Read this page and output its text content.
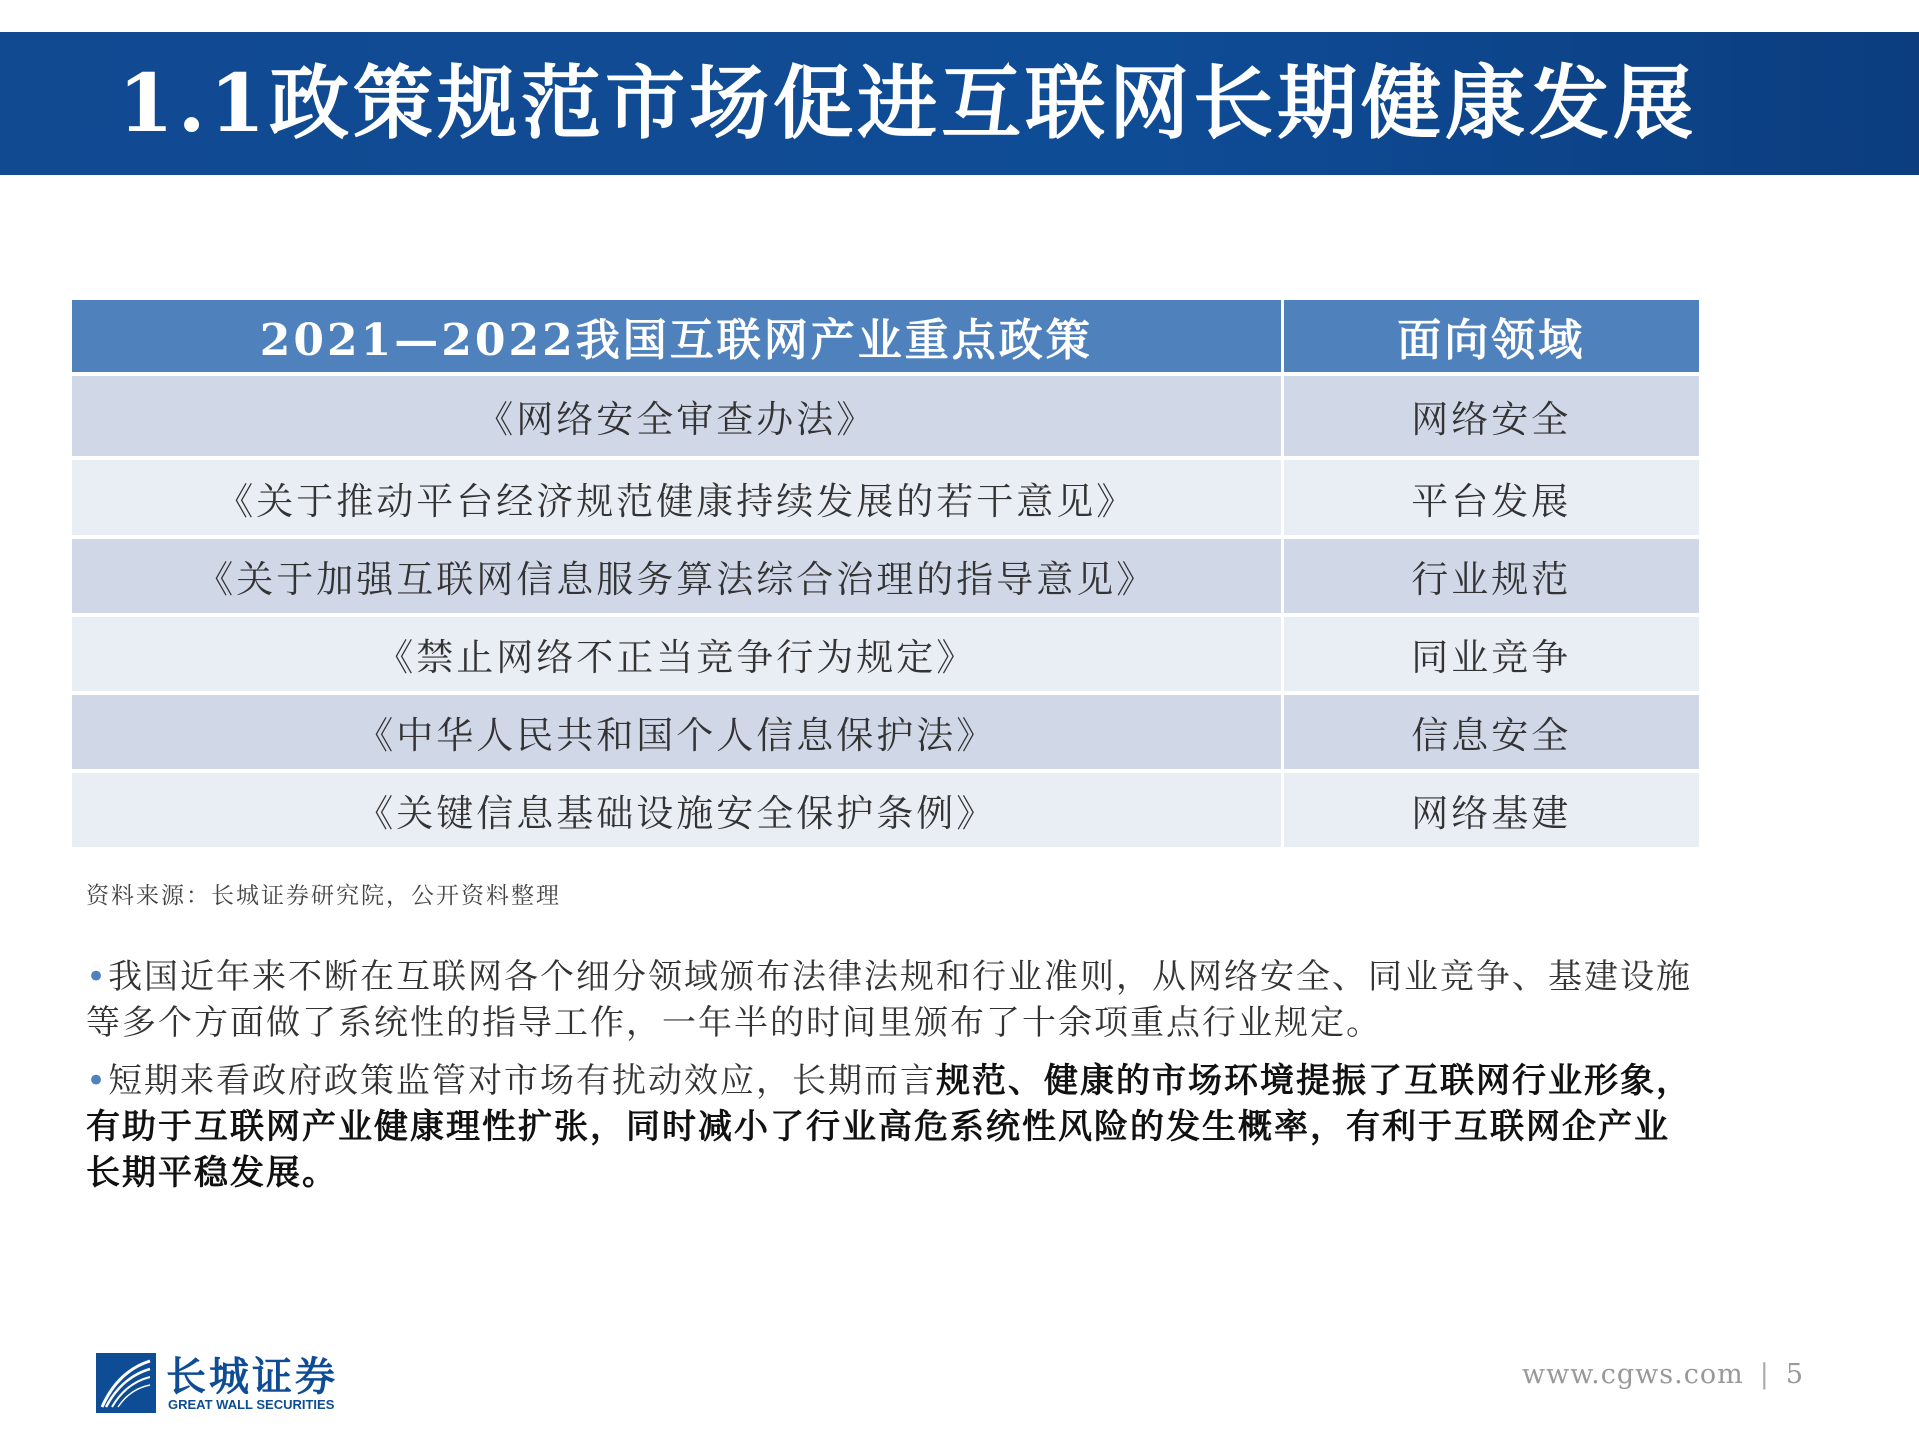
1.1政策规范市场促进互联网长期健康发展
2021—2022我国互联网产业重点政策	面向领域
《网络安全审查办法》	网络安全
《关于推动平台经济规范健康持续发展的若干意见》	平台发展
《关于加强互联网信息服务算法综合治理的指导意见》	行业规范
《禁止网络不正当竞争行为规定》	同业竞争
《中华人民共和国个人信息保护法》	信息安全
《关键信息基础设施安全保护条例》	网络基建
资料来源：长城证券研究院，公开资料整理

•我国近年来不断在互联网各个细分领域颁布法律法规和行业准则，从网络安全、同业竞争、基建设施等多个方面做了系统性的指导工作，一年半的时间里颁布了十余项重点行业规定。

•短期来看政府政策监管对市场有扰动效应，长期而言规范、健康的市场环境提振了互联网行业形象，有助于互联网产业健康理性扩张，同时减小了行业高危系统性风险的发生概率，有利于互联网企产业长期平稳发展。

长城证券
GREAT WALL SECURITIES
www.cgws.com | 5
